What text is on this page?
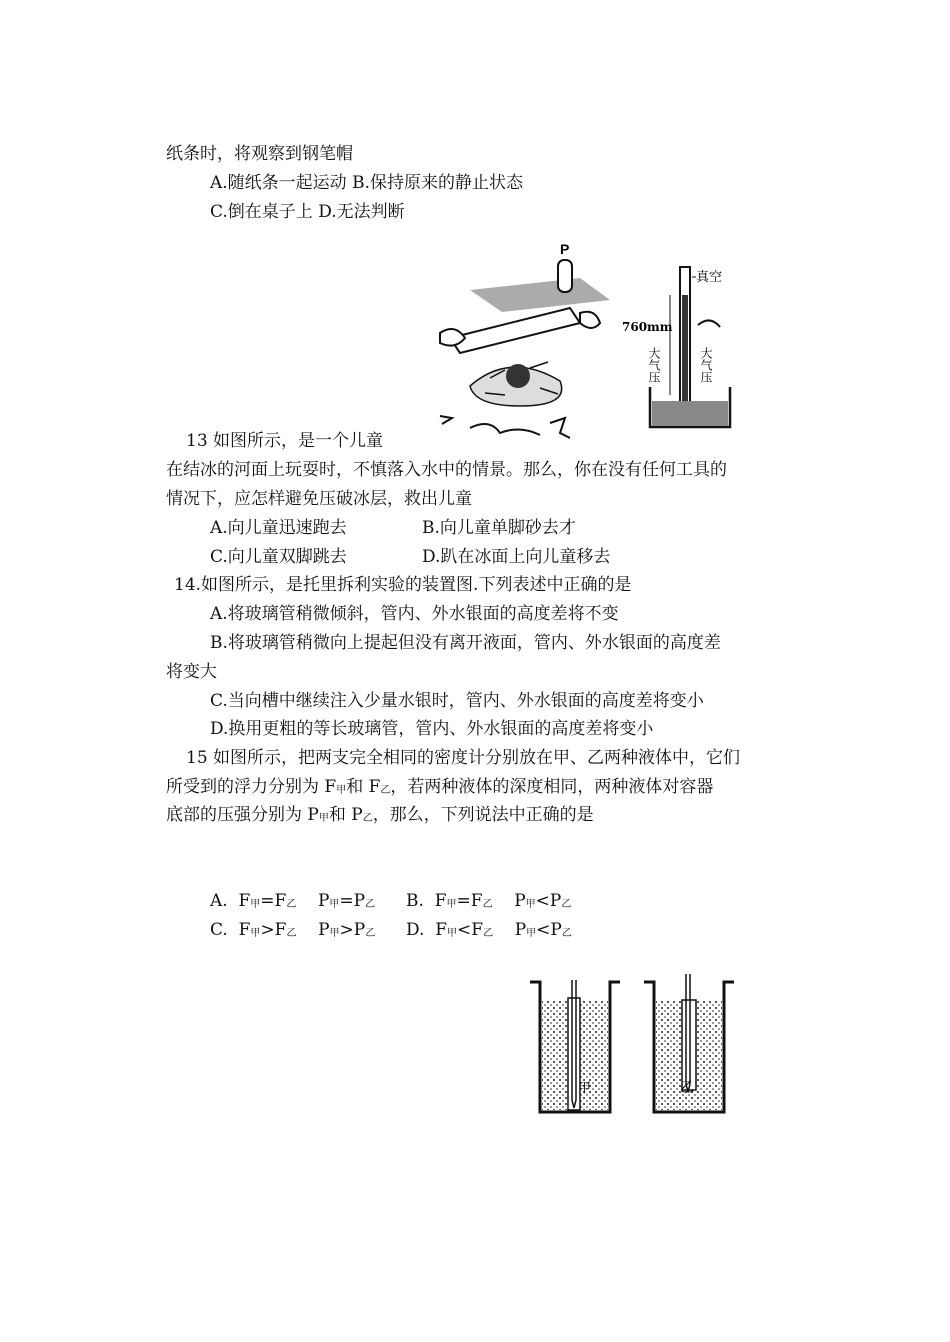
纸条时，将观察到钢笔帽
A.随纸条一起运动 B.保持原来的静止状态
C.倒在桌子上 D.无法判断
P
真空
760mm
大气压	大气压
13 如图所示，是一个儿童
在结冰的河面上玩耍时，不慎落入水中的情景。那么，你在没有任何工具的
情况下，应怎样避免压破冰层，救出儿童
A.向儿童迅速跑去	B.向儿童单脚砂去才
C.向儿童双脚跳去	D.趴在冰面上向儿童移去
14.如图所示，是托里拆利实验的装置图.下列表述中正确的是
A.将玻璃管稍微倾斜，管内、外水银面的高度差将不变
B.将玻璃管稍微向上提起但没有离开液面，管内、外水银面的高度差
将变大
C.当向槽中继续注入少量水银时，管内、外水银面的高度差将变小
D.换用更粗的等长玻璃管，管内、外水银面的高度差将变小
15 如图所示，把两支完全相同的密度计分别放在甲、乙两种液体中，它们
所受到的浮力分别为 $F_甲$和 $F_乙$，若两种液体的深度相同，两种液体对容器
底部的压强分别为 $P_甲$和 $P_乙$，那么，下列说法中正确的是
A. $F_甲=F_乙$ $P_甲=P_乙$ B. $F_甲=F_乙$ $P_甲<P_乙$
C. $F_甲>F_乙$ $P_甲>P_乙$ D. $F_甲<F_乙$ $P_甲<P_乙$
甲	乙
